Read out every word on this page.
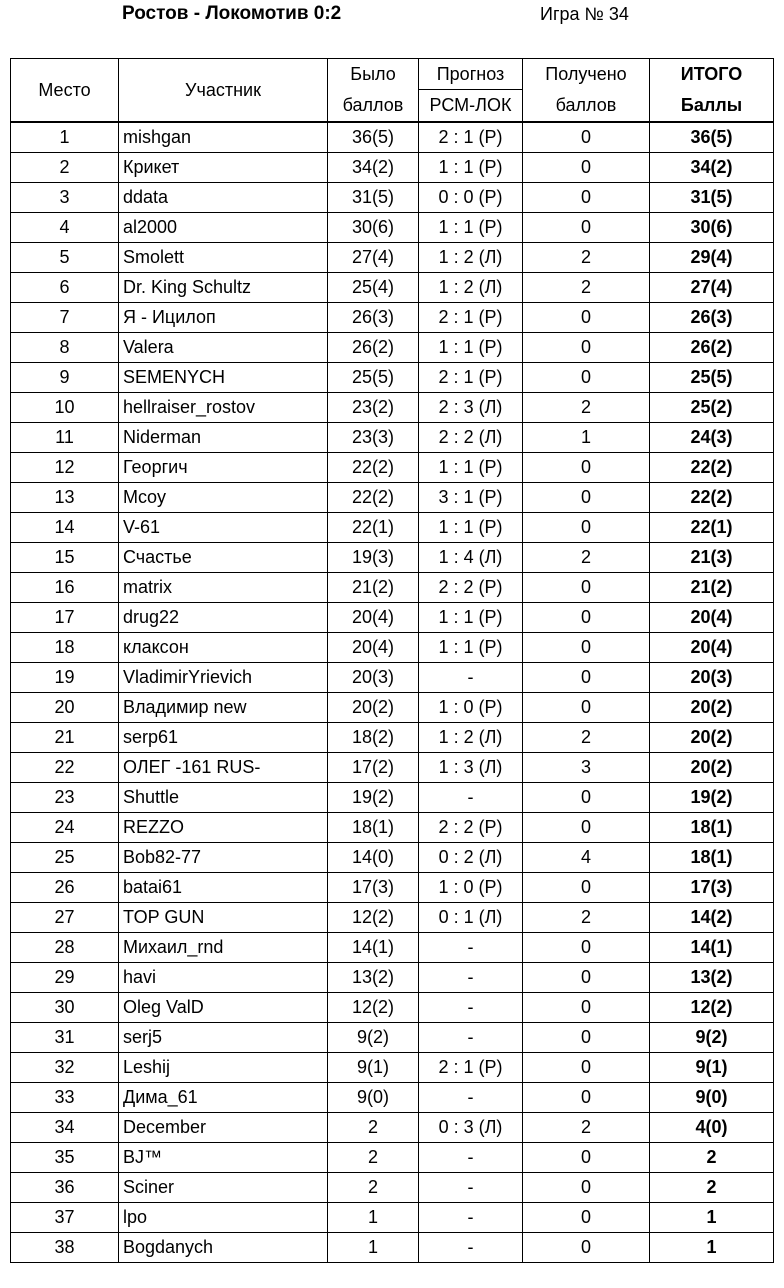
Ростов - Локомотив 0:2	Игра № 34
Место	Участник	Было	Прогноз	Получено	ИТОГО
		баллов	РСМ-ЛОК	баллов	Баллы
1	mishgan	36(5)	2 : 1 (Р)	0	36(5)
2	Крикет	34(2)	1 : 1 (Р)	0	34(2)
3	ddata	31(5)	0 : 0 (Р)	0	31(5)
4	al2000	30(6)	1 : 1 (Р)	0	30(6)
5	Smolett	27(4)	1 : 2 (Л)	2	29(4)
6	Dr. King Schultz	25(4)	1 : 2 (Л)	2	27(4)
7	Я - Ицилоп	26(3)	2 : 1 (Р)	0	26(3)
8	Valera	26(2)	1 : 1 (Р)	0	26(2)
9	SEMENYCH	25(5)	2 : 1 (Р)	0	25(5)
10	hellraiser_rostov	23(2)	2 : 3 (Л)	2	25(2)
11	Niderman	23(3)	2 : 2 (Л)	1	24(3)
12	Георгич	22(2)	1 : 1 (Р)	0	22(2)
13	Mcoy	22(2)	3 : 1 (Р)	0	22(2)
14	V-61	22(1)	1 : 1 (Р)	0	22(1)
15	Счастье	19(3)	1 : 4 (Л)	2	21(3)
16	matrix	21(2)	2 : 2 (Р)	0	21(2)
17	drug22	20(4)	1 : 1 (Р)	0	20(4)
18	клаксон	20(4)	1 : 1 (Р)	0	20(4)
19	VladimirYrievich	20(3)	-	0	20(3)
20	Владимир new	20(2)	1 : 0 (Р)	0	20(2)
21	serp61	18(2)	1 : 2 (Л)	2	20(2)
22	ОЛЕГ -161 RUS-	17(2)	1 : 3 (Л)	3	20(2)
23	Shuttle	19(2)	-	0	19(2)
24	REZZO	18(1)	2 : 2 (Р)	0	18(1)
25	Bob82-77	14(0)	0 : 2 (Л)	4	18(1)
26	batai61	17(3)	1 : 0 (Р)	0	17(3)
27	TOP GUN	12(2)	0 : 1 (Л)	2	14(2)
28	Михаил_rnd	14(1)	-	0	14(1)
29	havi	13(2)	-	0	13(2)
30	Oleg ValD	12(2)	-	0	12(2)
31	serj5	9(2)	-	0	9(2)
32	Leshij	9(1)	2 : 1 (Р)	0	9(1)
33	Дима_61	9(0)	-	0	9(0)
34	December	2	0 : 3 (Л)	2	4(0)
35	BJ™	2	-	0	2
36	Sciner	2	-	0	2
37	lpo	1	-	0	1
38	Bogdanych	1	-	0	1
